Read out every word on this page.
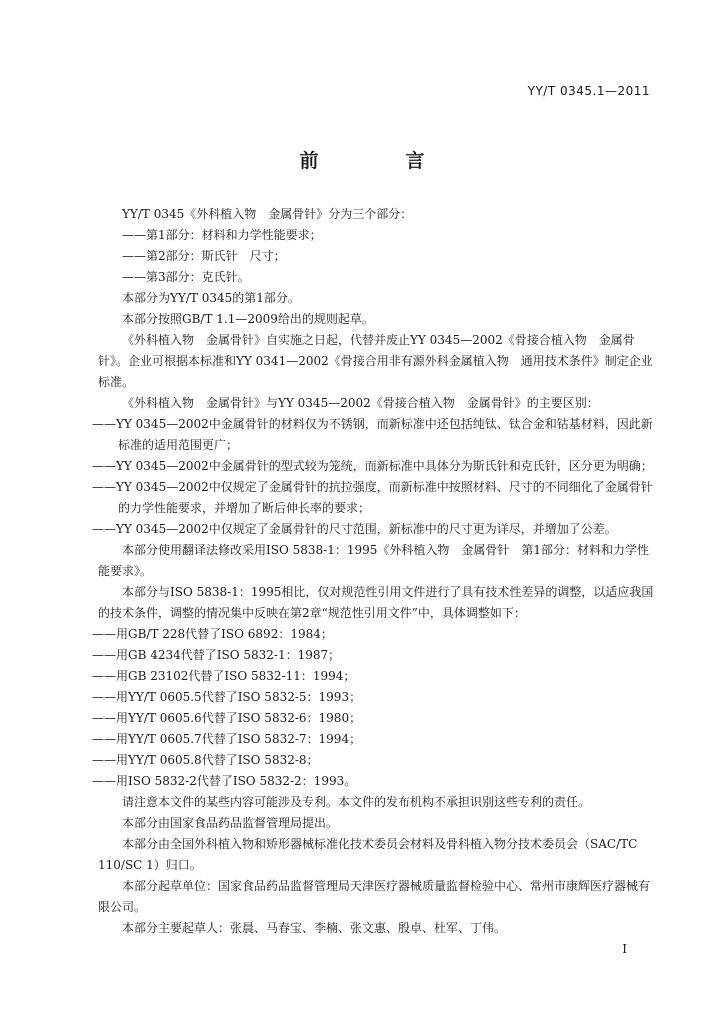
YY/T 0345.1—2011
前　言

YY/T 0345《外科植入物　金属骨针》分为三个部分：

——第1部分：材料和力学性能要求；

——第2部分：斯氏针　尺寸；

——第3部分：克氏针。

本部分为YY/T 0345的第1部分。

本部分按照GB/T 1.1—2009给出的规则起草。

《外科植入物　金属骨针》自实施之日起，代替并废止YY 0345—2002《骨接合植入物　金属骨针》。企业可根据本标准和YY 0341—2002《骨接合用非有源外科金属植入物　通用技术条件》制定企业标准。

《外科植入物　金属骨针》与YY 0345—2002《骨接合植入物　金属骨针》的主要区别：

——YY 0345—2002中金属骨针的材料仅为不锈钢，而新标准中还包括纯钛、钛合金和钴基材料，因此新标准的适用范围更广；

——YY 0345—2002中金属骨针的型式较为笼统，而新标准中具体分为斯氏针和克氏针，区分更为明确；

——YY 0345—2002中仅规定了金属骨针的抗拉强度，而新标准中按照材料、尺寸的不同细化了金属骨针的力学性能要求，并增加了断后伸长率的要求；

——YY 0345—2002中仅规定了金属骨针的尺寸范围，新标准中的尺寸更为详尽，并增加了公差。

本部分使用翻译法修改采用ISO 5838-1：1995《外科植入物　金属骨针　第1部分：材料和力学性能要求》。

本部分与ISO 5838-1：1995相比，仅对规范性引用文件进行了具有技术性差异的调整，以适应我国的技术条件，调整的情况集中反映在第2章“规范性引用文件”中，具体调整如下：

——用GB/T 228代替了ISO 6892：1984；

——用GB 4234代替了ISO 5832-1：1987；

——用GB 23102代替了ISO 5832-11：1994；

——用YY/T 0605.5代替了ISO 5832-5：1993；

——用YY/T 0605.6代替了ISO 5832-6：1980；

——用YY/T 0605.7代替了ISO 5832-7：1994；

——用YY/T 0605.8代替了ISO 5832-8；

——用ISO 5832-2代替了ISO 5832-2：1993。

请注意本文件的某些内容可能涉及专利。本文件的发布机构不承担识别这些专利的责任。

本部分由国家食品药品监督管理局提出。

本部分由全国外科植入物和矫形器械标准化技术委员会材料及骨科植入物分技术委员会（SAC/TC 110/SC 1）归口。

本部分起草单位：国家食品药品监督管理局天津医疗器械质量监督检验中心、常州市康辉医疗器械有限公司。

本部分主要起草人：张晨、马春宝、李楠、张文惠、殷卓、杜军、丁伟。

I
